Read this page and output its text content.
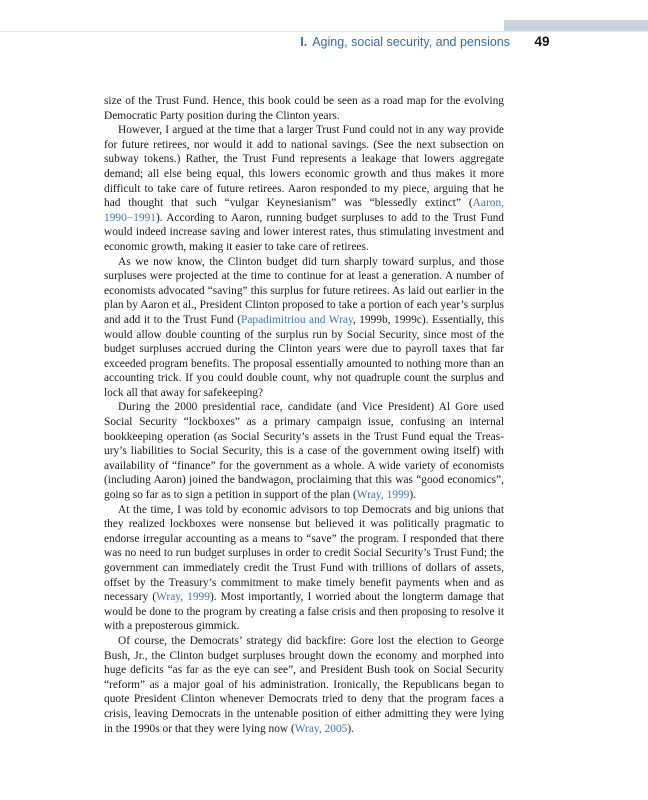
I. Aging, social security, and pensions	49

size of the Trust Fund. Hence, this book could be seen as a road map for the evolving Democratic Party position during the Clinton years.

However, I argued at the time that a larger Trust Fund could not in any way provide for future retirees, nor would it add to national savings. (See the next subsection on subway tokens.) Rather, the Trust Fund represents a leakage that lowers aggregate demand; all else being equal, this lowers economic growth and thus makes it more difficult to take care of future retirees. Aaron responded to my piece, arguing that he had thought that such “vulgar Keynesianism” was “blessedly extinct” (Aaron, 1990−1991). According to Aaron, running budget surpluses to add to the Trust Fund would indeed increase saving and lower interest rates, thus stimulating investment and economic growth, making it easier to take care of retirees.

As we now know, the Clinton budget did turn sharply toward surplus, and those surpluses were projected at the time to continue for at least a generation. A number of economists advocated “saving” this surplus for future retirees. As laid out earlier in the plan by Aaron et al., President Clinton proposed to take a portion of each year’s surplus and add it to the Trust Fund (Papadimitriou and Wray, 1999b, 1999c). Essentially, this would allow double counting of the surplus run by Social Security, since most of the budget surpluses accrued during the Clinton years were due to payroll taxes that far exceeded program benefits. The proposal essentially amounted to nothing more than an accounting trick. If you could double count, why not quadruple count the surplus and lock all that away for safekeeping?

During the 2000 presidential race, candidate (and Vice President) Al Gore used Social Security “lockboxes” as a primary campaign issue, confusing an internal bookkeeping operation (as Social Security’s assets in the Trust Fund equal the Treasury’s liabilities to Social Security, this is a case of the government owing itself) with availability of “finance” for the government as a whole. A wide variety of economists (including Aaron) joined the bandwagon, proclaiming that this was “good economics”, going so far as to sign a petition in support of the plan (Wray, 1999).

At the time, I was told by economic advisors to top Democrats and big unions that they realized lockboxes were nonsense but believed it was politically pragmatic to endorse irregular accounting as a means to “save” the program. I responded that there was no need to run budget surpluses in order to credit Social Security’s Trust Fund; the government can immediately credit the Trust Fund with trillions of dollars of assets, offset by the Treasury’s commitment to make timely benefit payments when and as necessary (Wray, 1999). Most importantly, I worried about the longterm damage that would be done to the program by creating a false crisis and then proposing to resolve it with a preposterous gimmick.

Of course, the Democrats’ strategy did backfire: Gore lost the election to George Bush, Jr., the Clinton budget surpluses brought down the economy and morphed into huge deficits “as far as the eye can see”, and President Bush took on Social Security “reform” as a major goal of his administration. Ironically, the Republicans began to quote President Clinton whenever Democrats tried to deny that the program faces a crisis, leaving Democrats in the untenable position of either admitting they were lying in the 1990s or that they were lying now (Wray, 2005).
